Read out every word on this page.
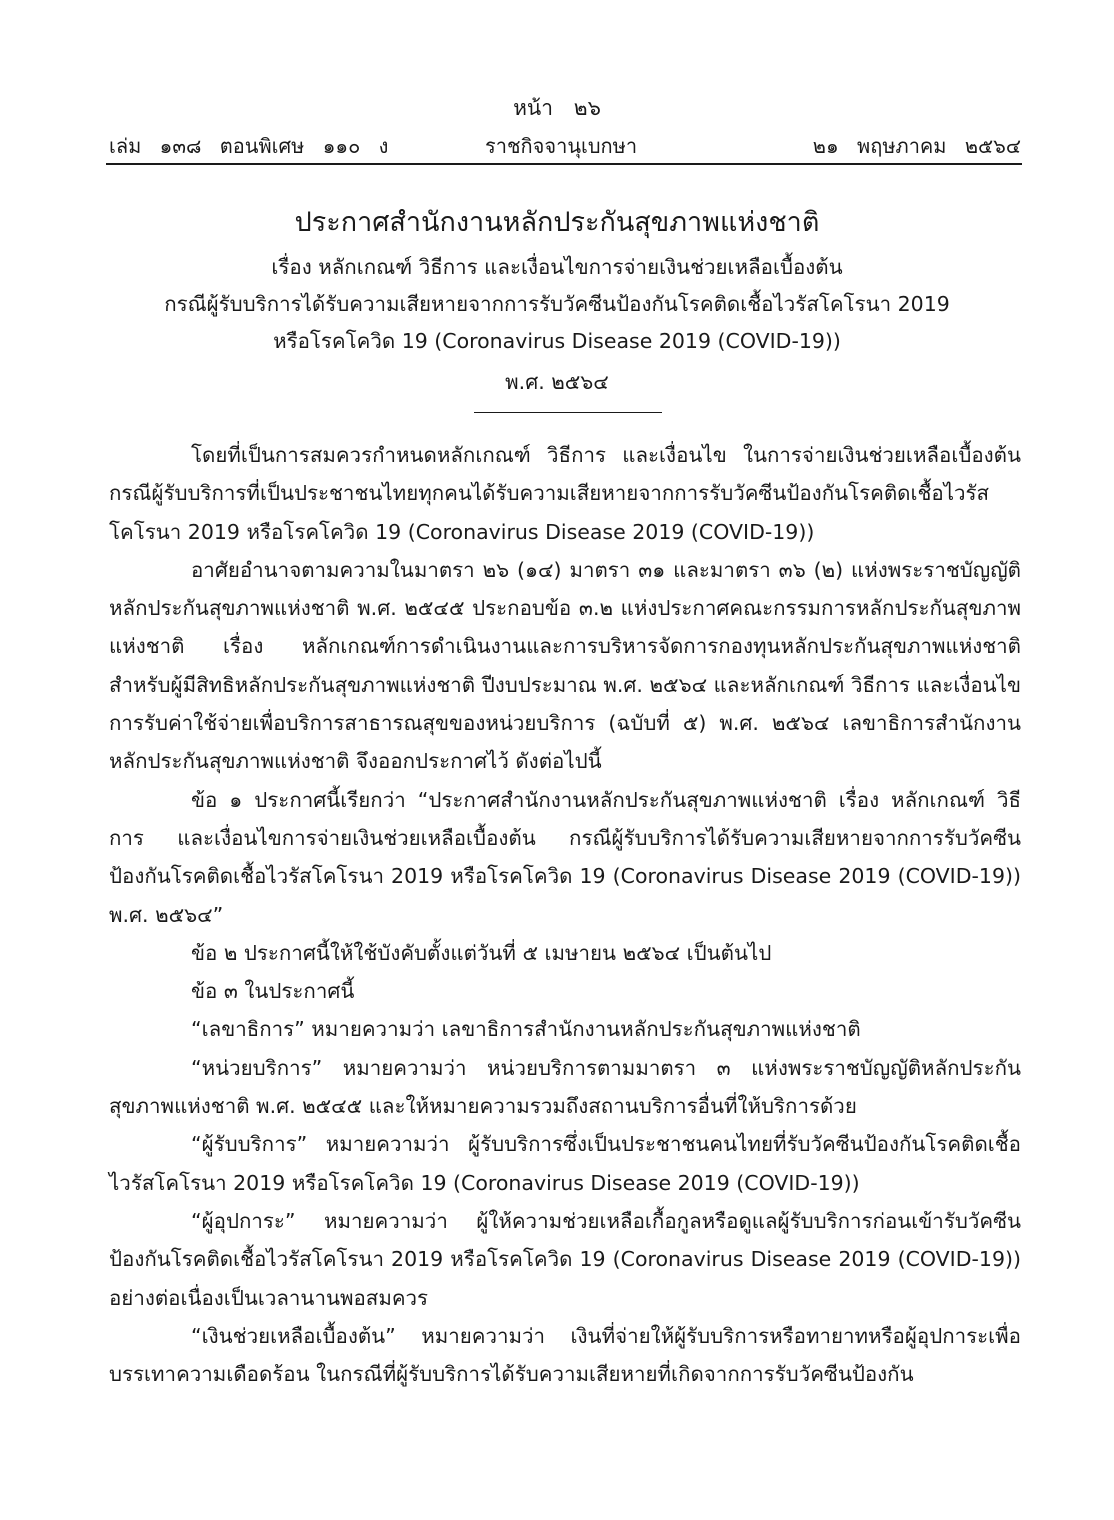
หน้า ๒๖
เล่ม ๑๓๘ ตอนพิเศษ ๑๑๐ ง	ราชกิจจานุเบกษา	๒๑ พฤษภาคม ๒๕๖๔
ประกาศสำนักงานหลักประกันสุขภาพแห่งชาติ
เรื่อง หลักเกณฑ์ วิธีการ และเงื่อนไขการจ่ายเงินช่วยเหลือเบื้องต้น
กรณีผู้รับบริการได้รับความเสียหายจากการรับวัคซีนป้องกันโรคติดเชื้อไวรัสโคโรนา 2019
หรือโรคโควิด 19 (Coronavirus Disease 2019 (COVID-19))
พ.ศ. ๒๕๖๔

โดยที่เป็นการสมควรกำหนดหลักเกณฑ์ วิธีการ และเงื่อนไข ในการจ่ายเงินช่วยเหลือเบื้องต้น กรณีผู้รับบริการที่เป็นประชาชนไทยทุกคนได้รับความเสียหายจากการรับวัคซีนป้องกันโรคติดเชื้อไวรัสโคโรนา 2019 หรือโรคโควิด 19 (Coronavirus Disease 2019 (COVID-19))

อาศัยอำนาจตามความในมาตรา ๒๖ (๑๔) มาตรา ๓๑ และมาตรา ๓๖ (๒) แห่งพระราชบัญญัติหลักประกันสุขภาพแห่งชาติ พ.ศ. ๒๕๔๕ ประกอบข้อ ๓.๒ แห่งประกาศคณะกรรมการหลักประกันสุขภาพแห่งชาติ เรื่อง หลักเกณฑ์การดำเนินงานและการบริหารจัดการกองทุนหลักประกันสุขภาพแห่งชาติ สำหรับผู้มีสิทธิหลักประกันสุขภาพแห่งชาติ ปีงบประมาณ พ.ศ. ๒๕๖๔ และหลักเกณฑ์ วิธีการ และเงื่อนไขการรับค่าใช้จ่ายเพื่อบริการสาธารณสุขของหน่วยบริการ (ฉบับที่ ๕) พ.ศ. ๒๕๖๔ เลขาธิการสำนักงานหลักประกันสุขภาพแห่งชาติ จึงออกประกาศไว้ ดังต่อไปนี้

ข้อ ๑ ประกาศนี้เรียกว่า “ประกาศสำนักงานหลักประกันสุขภาพแห่งชาติ เรื่อง หลักเกณฑ์ วิธีการ และเงื่อนไขการจ่ายเงินช่วยเหลือเบื้องต้น กรณีผู้รับบริการได้รับความเสียหายจากการรับวัคซีนป้องกันโรคติดเชื้อไวรัสโคโรนา 2019 หรือโรคโควิด 19 (Coronavirus Disease 2019 (COVID-19)) พ.ศ. ๒๕๖๔”

ข้อ ๒ ประกาศนี้ให้ใช้บังคับตั้งแต่วันที่ ๕ เมษายน ๒๕๖๔ เป็นต้นไป

ข้อ ๓ ในประกาศนี้

“เลขาธิการ” หมายความว่า เลขาธิการสำนักงานหลักประกันสุขภาพแห่งชาติ

“หน่วยบริการ” หมายความว่า หน่วยบริการตามมาตรา ๓ แห่งพระราชบัญญัติหลักประกันสุขภาพแห่งชาติ พ.ศ. ๒๕๔๕ และให้หมายความรวมถึงสถานบริการอื่นที่ให้บริการด้วย

“ผู้รับบริการ” หมายความว่า ผู้รับบริการซึ่งเป็นประชาชนคนไทยที่รับวัคซีนป้องกันโรคติดเชื้อไวรัสโคโรนา 2019 หรือโรคโควิด 19 (Coronavirus Disease 2019 (COVID-19))

“ผู้อุปการะ” หมายความว่า ผู้ให้ความช่วยเหลือเกื้อกูลหรือดูแลผู้รับบริการก่อนเข้ารับวัคซีนป้องกันโรคติดเชื้อไวรัสโคโรนา 2019 หรือโรคโควิด 19 (Coronavirus Disease 2019 (COVID-19)) อย่างต่อเนื่องเป็นเวลานานพอสมควร

“เงินช่วยเหลือเบื้องต้น” หมายความว่า เงินที่จ่ายให้ผู้รับบริการหรือทายาทหรือผู้อุปการะเพื่อบรรเทาความเดือดร้อน ในกรณีที่ผู้รับบริการได้รับความเสียหายที่เกิดจากการรับวัคซีนป้องกัน
